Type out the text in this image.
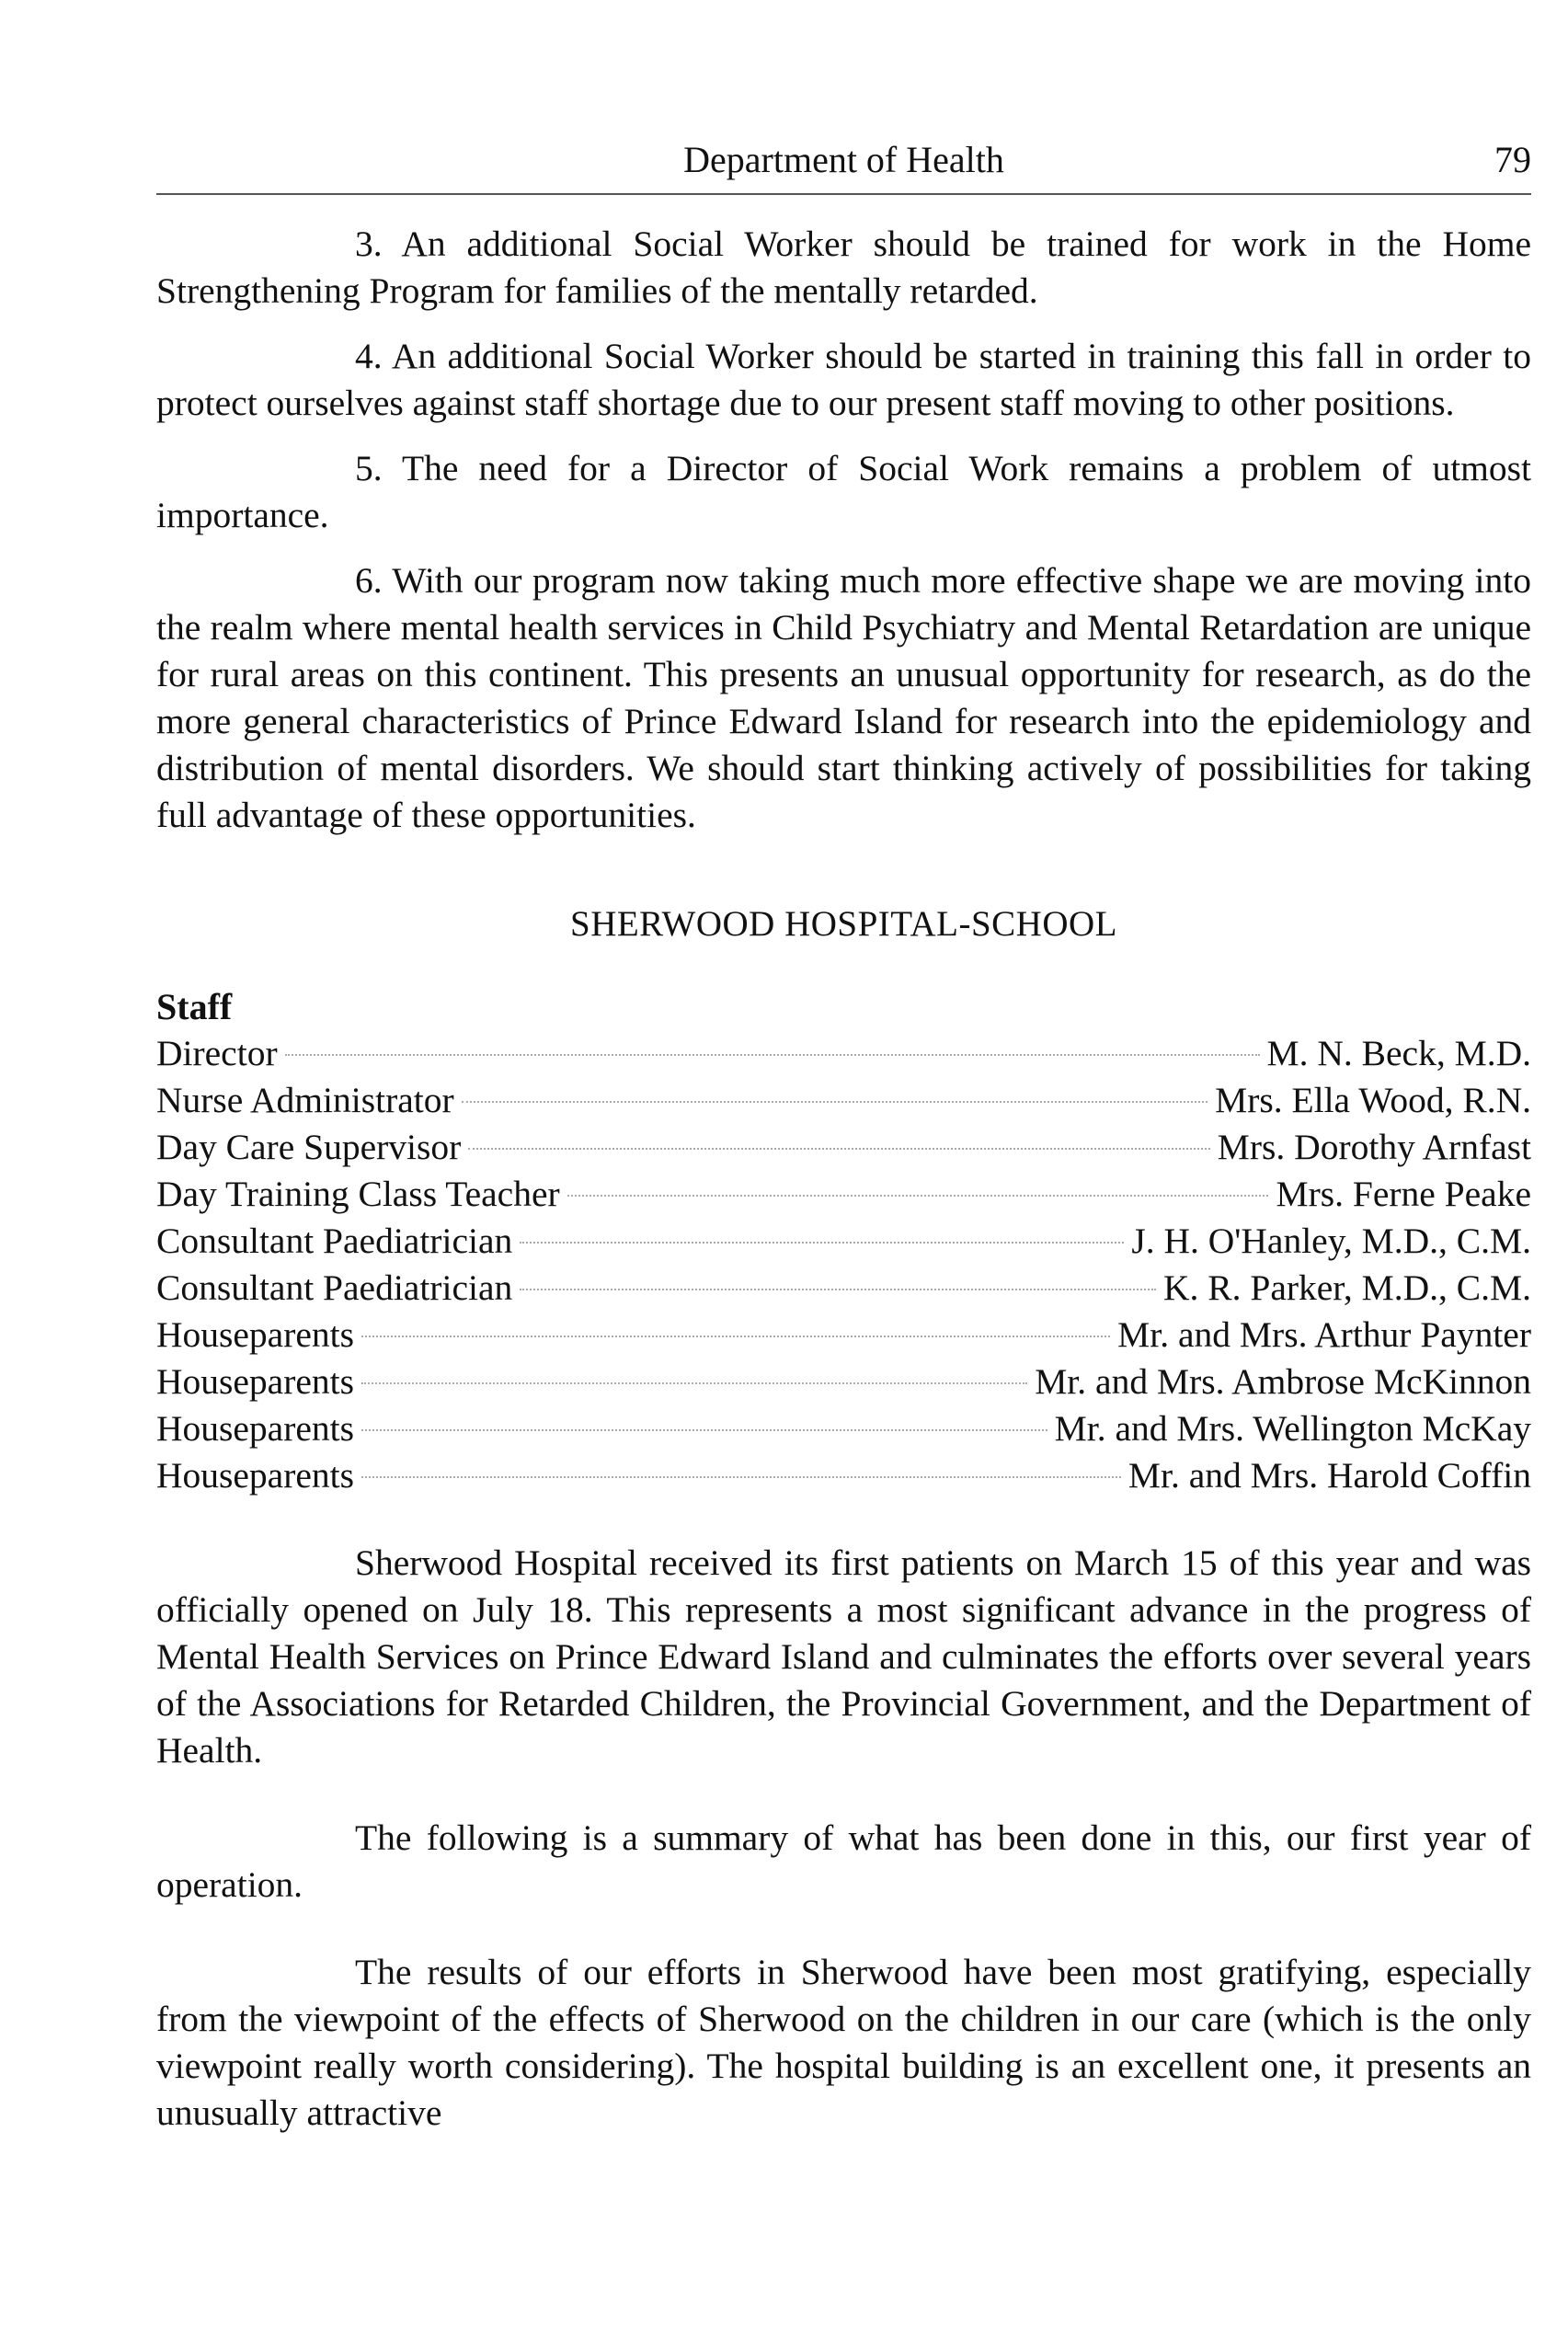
Department of Health	79

3. An additional Social Worker should be trained for work in the Home Strengthening Program for families of the mentally retarded.

4. An additional Social Worker should be started in training this fall in order to protect ourselves against staff shortage due to our present staff moving to other positions.

5. The need for a Director of Social Work remains a problem of utmost importance.

6. With our program now taking much more effective shape we are moving into the realm where mental health services in Child Psychiatry and Mental Retardation are unique for rural areas on this continent. This presents an unusual opportunity for research, as do the more general characteristics of Prince Edward Island for research into the epidemiology and distribution of mental disorders. We should start thinking actively of possibilities for taking full advantage of these opportunities.

SHERWOOD HOSPITAL-SCHOOL
Staff
Director	M. N. Beck, M.D.
Nurse Administrator	Mrs. Ella Wood, R.N.
Day Care Supervisor	Mrs. Dorothy Arnfast
Day Training Class Teacher	Mrs. Ferne Peake
Consultant Paediatrician	J. H. O'Hanley, M.D., C.M.
Consultant Paediatrician	K. R. Parker, M.D., C.M.
Houseparents	Mr. and Mrs. Arthur Paynter
Houseparents	Mr. and Mrs. Ambrose McKinnon
Houseparents	Mr. and Mrs. Wellington McKay
Houseparents	Mr. and Mrs. Harold Coffin

Sherwood Hospital received its first patients on March 15 of this year and was officially opened on July 18. This represents a most significant advance in the progress of Mental Health Services on Prince Edward Island and culminates the efforts over several years of the Associations for Retarded Children, the Provincial Government, and the Department of Health.

The following is a summary of what has been done in this, our first year of operation.

The results of our efforts in Sherwood have been most gratifying, especially from the viewpoint of the effects of Sherwood on the children in our care (which is the only viewpoint really worth considering). The hospital building is an excellent one, it presents an unusually attractive
